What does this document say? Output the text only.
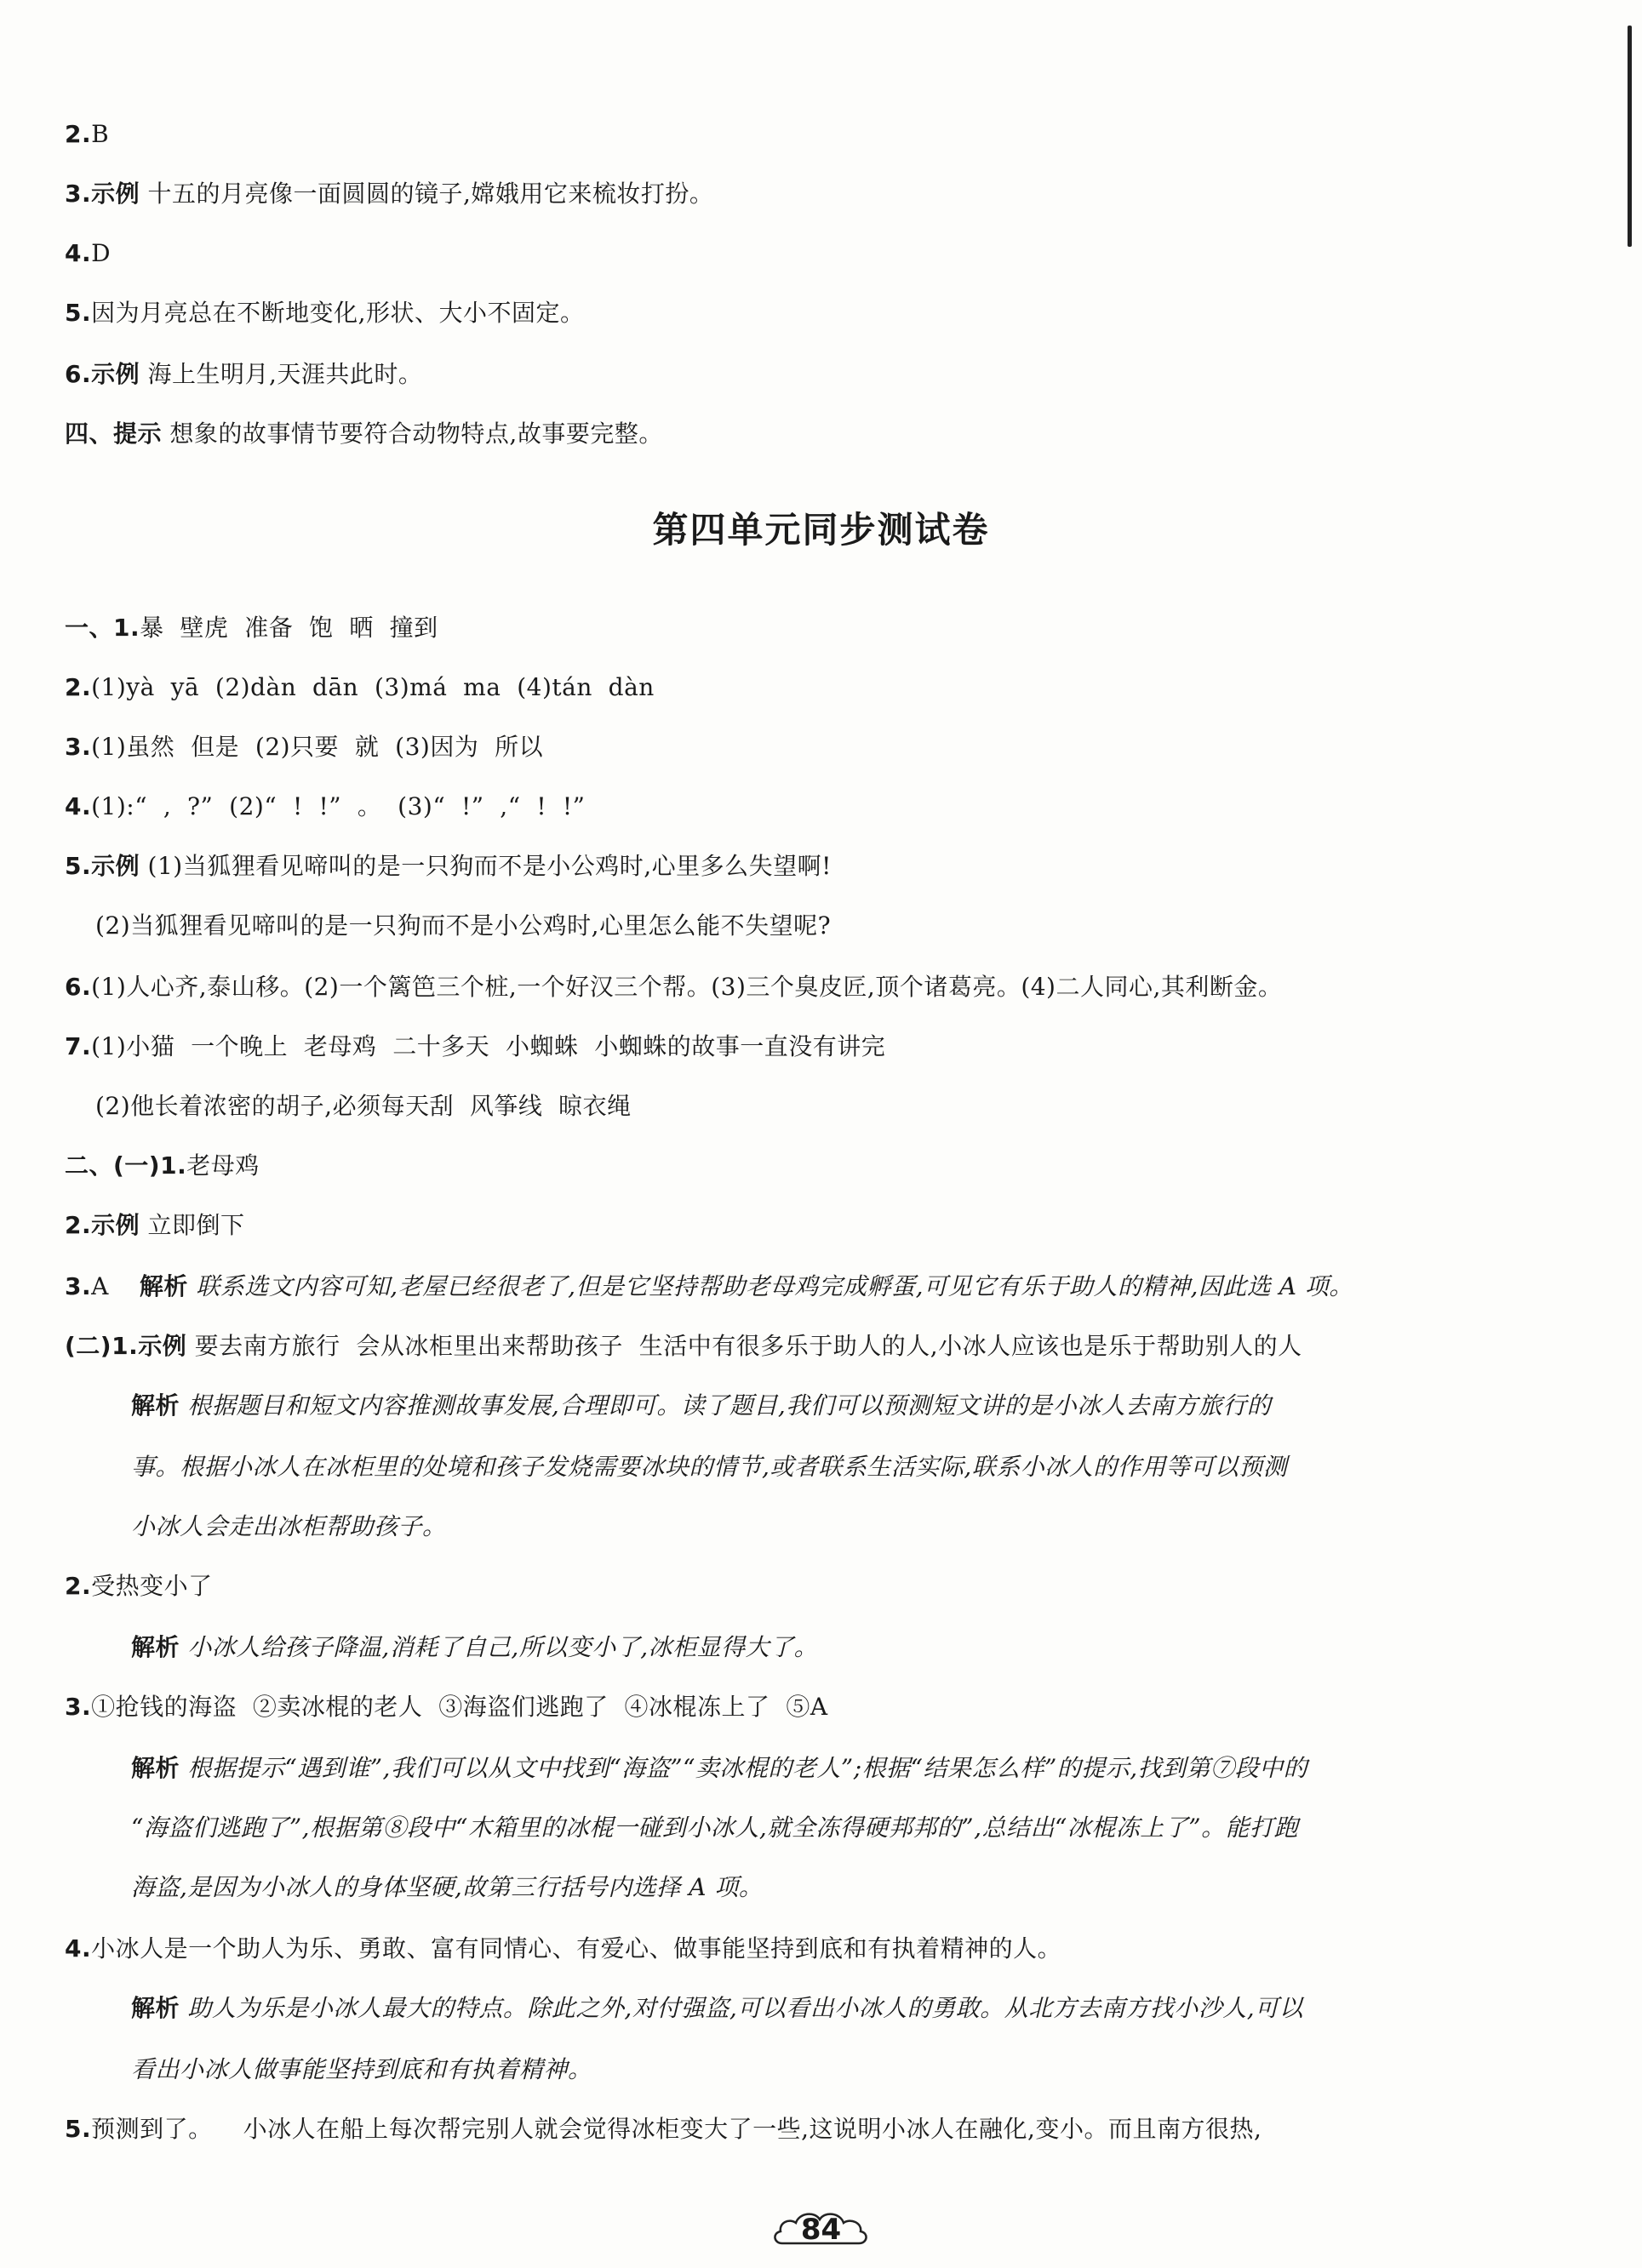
2.B
3.示例 十五的月亮像一面圆圆的镜子,嫦娥用它来梳妆打扮。
4.D
5.因为月亮总在不断地变化,形状、大小不固定。
6.示例 海上生明月,天涯共此时。
四、提示 想象的故事情节要符合动物特点,故事要完整。
第四单元同步测试卷
一、1.暴  壁虎  准备  饱  晒  撞到
2.(1)yà  yā  (2)dàn  dān  (3)má  ma  (4)tán  dàn
3.(1)虽然  但是  (2)只要  就  (3)因为  所以
4.(1):“  ,  ?”  (2)“  !  !”  。  (3)“  !”  ,“  !  !”
5.示例 (1)当狐狸看见啼叫的是一只狗而不是小公鸡时,心里多么失望啊!
(2)当狐狸看见啼叫的是一只狗而不是小公鸡时,心里怎么能不失望呢?
6.(1)人心齐,泰山移。(2)一个篱笆三个桩,一个好汉三个帮。(3)三个臭皮匠,顶个诸葛亮。(4)二人同心,其利断金。
7.(1)小猫  一个晚上  老母鸡  二十多天  小蜘蛛  小蜘蛛的故事一直没有讲完
(2)他长着浓密的胡子,必须每天刮  风筝线  晾衣绳
二、(一)1.老母鸡
2.示例 立即倒下
3.A 解析 联系选文内容可知,老屋已经很老了,但是它坚持帮助老母鸡完成孵蛋,可见它有乐于助人的精神,因此选 A 项。
(二)1.示例 要去南方旅行  会从冰柜里出来帮助孩子  生活中有很多乐于助人的人,小冰人应该也是乐于帮助别人的人
解析 根据题目和短文内容推测故事发展,合理即可。读了题目,我们可以预测短文讲的是小冰人去南方旅行的
事。根据小冰人在冰柜里的处境和孩子发烧需要冰块的情节,或者联系生活实际,联系小冰人的作用等可以预测
小冰人会走出冰柜帮助孩子。
2.受热变小了
解析 小冰人给孩子降温,消耗了自己,所以变小了,冰柜显得大了。
3.①抢钱的海盗  ②卖冰棍的老人  ③海盗们逃跑了  ④冰棍冻上了  ⑤A
解析 根据提示“遇到谁”,我们可以从文中找到“海盗”“卖冰棍的老人”;根据“结果怎么样”的提示,找到第⑦段中的
“海盗们逃跑了”,根据第⑧段中“木箱里的冰棍一碰到小冰人,就全冻得硬邦邦的”,总结出“冰棍冻上了”。能打跑
海盗,是因为小冰人的身体坚硬,故第三行括号内选择 A 项。
4.小冰人是一个助人为乐、勇敢、富有同情心、有爱心、做事能坚持到底和有执着精神的人。
解析 助人为乐是小冰人最大的特点。除此之外,对付强盗,可以看出小冰人的勇敢。从北方去南方找小沙人,可以
看出小冰人做事能坚持到底和有执着精神。
5.预测到了。 小冰人在船上每次帮完别人就会觉得冰柜变大了一些,这说明小冰人在融化,变小。而且南方很热,
84
